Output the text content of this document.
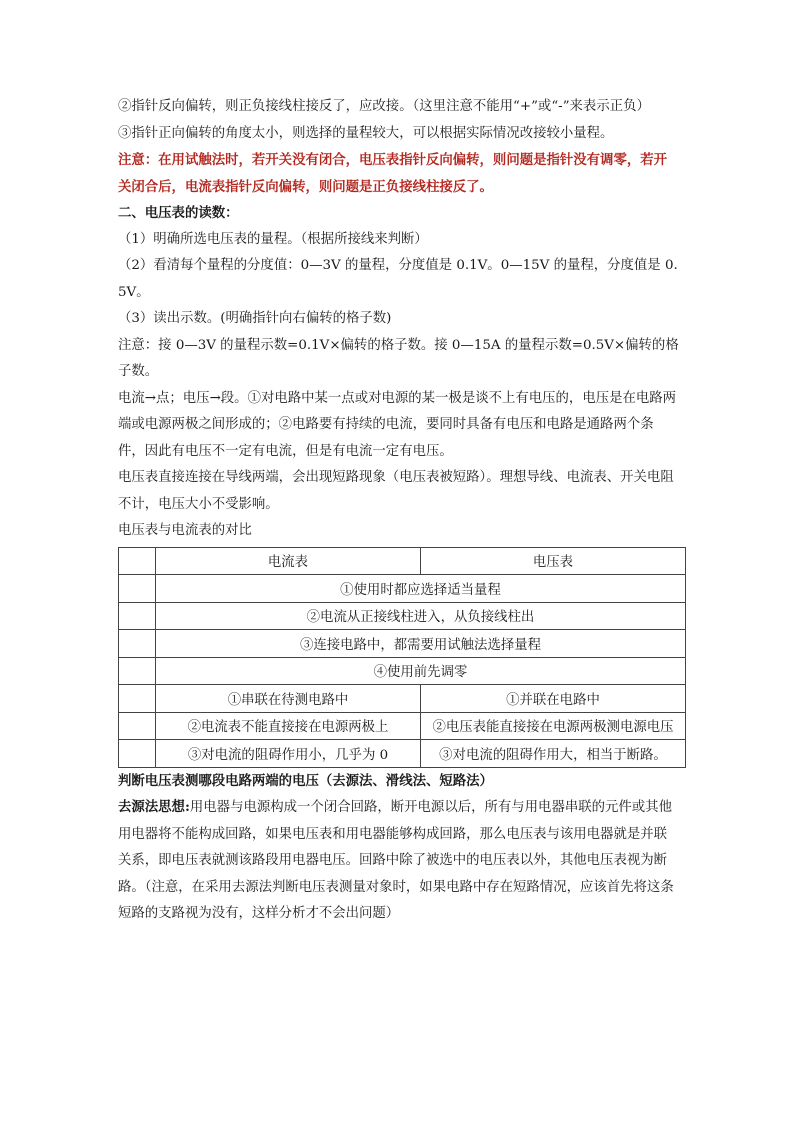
②指针反向偏转，则正负接线柱接反了，应改接。（这里注意不能用“+”或“-”来表示正负）

③指针正向偏转的角度太小，则选择的量程较大，可以根据实际情况改接较小量程。

注意：在用试触法时，若开关没有闭合，电压表指针反向偏转，则问题是指针没有调零，若开关闭合后，电流表指针反向偏转，则问题是正负接线柱接反了。

二、电压表的读数：

（1）明确所选电压表的量程。（根据所接线来判断）

（2）看清每个量程的分度值：0—3V 的量程，分度值是 0.1V。0—15V 的量程，分度值是 0.5V。

（3）读出示数。(明确指针向右偏转的格子数)

注意：接 0—3V 的量程示数=0.1V×偏转的格子数。接 0—15A 的量程示数=0.5V×偏转的格子数。

电流→点；电压→段。①对电路中某一点或对电源的某一极是谈不上有电压的，电压是在电路两端或电源两极之间形成的；②电路要有持续的电流，要同时具备有电压和电路是通路两个条件，因此有电压不一定有电流，但是有电流一定有电压。

电压表直接连接在导线两端，会出现短路现象（电压表被短路）。理想导线、电流表、开关电阻不计，电压大小不受影响。

电压表与电流表的对比

	电流表	电压表
	①使用时都应选择适当量程	
	②电流从正接线柱进入，从负接线柱出	
	③连接电路中，都需要用试触法选择量程	
	④使用前先调零	
	①串联在待测电路中	①并联在电路中
	②电流表不能直接接在电源两极上	②电压表能直接接在电源两极测电源电压
	③对电流的阻碍作用小，几乎为 0	③对电流的阻碍作用大，相当于断路。

判断电压表测哪段电路两端的电压（去源法、滑线法、短路法）

去源法思想:用电器与电源构成一个闭合回路，断开电源以后，所有与用电器串联的元件或其他用电器将不能构成回路，如果电压表和用电器能够构成回路，那么电压表与该用电器就是并联关系，即电压表就测该路段用电器电压。回路中除了被选中的电压表以外，其他电压表视为断路。（注意，在采用去源法判断电压表测量对象时，如果电路中存在短路情况，应该首先将这条短路的支路视为没有，这样分析才不会出问题）
